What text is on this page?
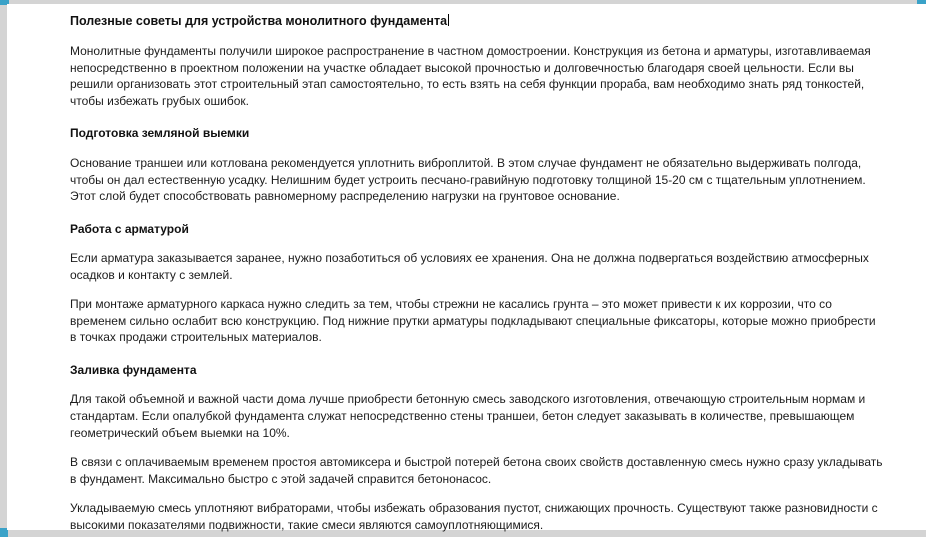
Полезные советы для устройства монолитного фундамента

Монолитные фундаменты получили широкое распространение в частном домостроении. Конструкция из бетона и арматуры, изготавливаемая непосредственно в проектном положении на участке обладает высокой прочностью и долговечностью благодаря своей цельности. Если вы решили организовать этот строительный этап самостоятельно, то есть взять на себя функции прораба, вам необходимо знать ряд тонкостей, чтобы избежать грубых ошибок.

Подготовка земляной выемки

Основание траншеи или котлована рекомендуется уплотнить виброплитой. В этом случае фундамент не обязательно выдерживать полгода, чтобы он дал естественную усадку. Нелишним будет устроить песчано-гравийную подготовку толщиной 15-20 см с тщательным уплотнением. Этот слой будет способствовать равномерному распределению нагрузки на грунтовое основание.

Работа с арматурой

Если арматура заказывается заранее, нужно позаботиться об условиях ее хранения. Она не должна подвергаться воздействию атмосферных осадков и контакту с землей.

При монтаже арматурного каркаса нужно следить за тем, чтобы стрежни не касались грунта – это может привести к их коррозии, что со временем сильно ослабит всю конструкцию. Под нижние прутки арматуры подкладывают специальные фиксаторы, которые можно приобрести в точках продажи строительных материалов.

Заливка фундамента

Для такой объемной и важной части дома лучше приобрести бетонную смесь заводского изготовления, отвечающую строительным нормам и стандартам. Если опалубкой фундамента служат непосредственно стены траншеи, бетон следует заказывать в количестве, превышающем геометрический объем выемки на 10%.

В связи с оплачиваемым временем простоя автомиксера и быстрой потерей бетона своих свойств доставленную смесь нужно сразу укладывать в фундамент. Максимально быстро с этой задачей справится бетононасос.

Укладываемую смесь уплотняют вибраторами, чтобы избежать образования пустот, снижающих прочность. Существуют также разновидности с высокими показателями подвижности, такие смеси являются самоуплотняющимися.
